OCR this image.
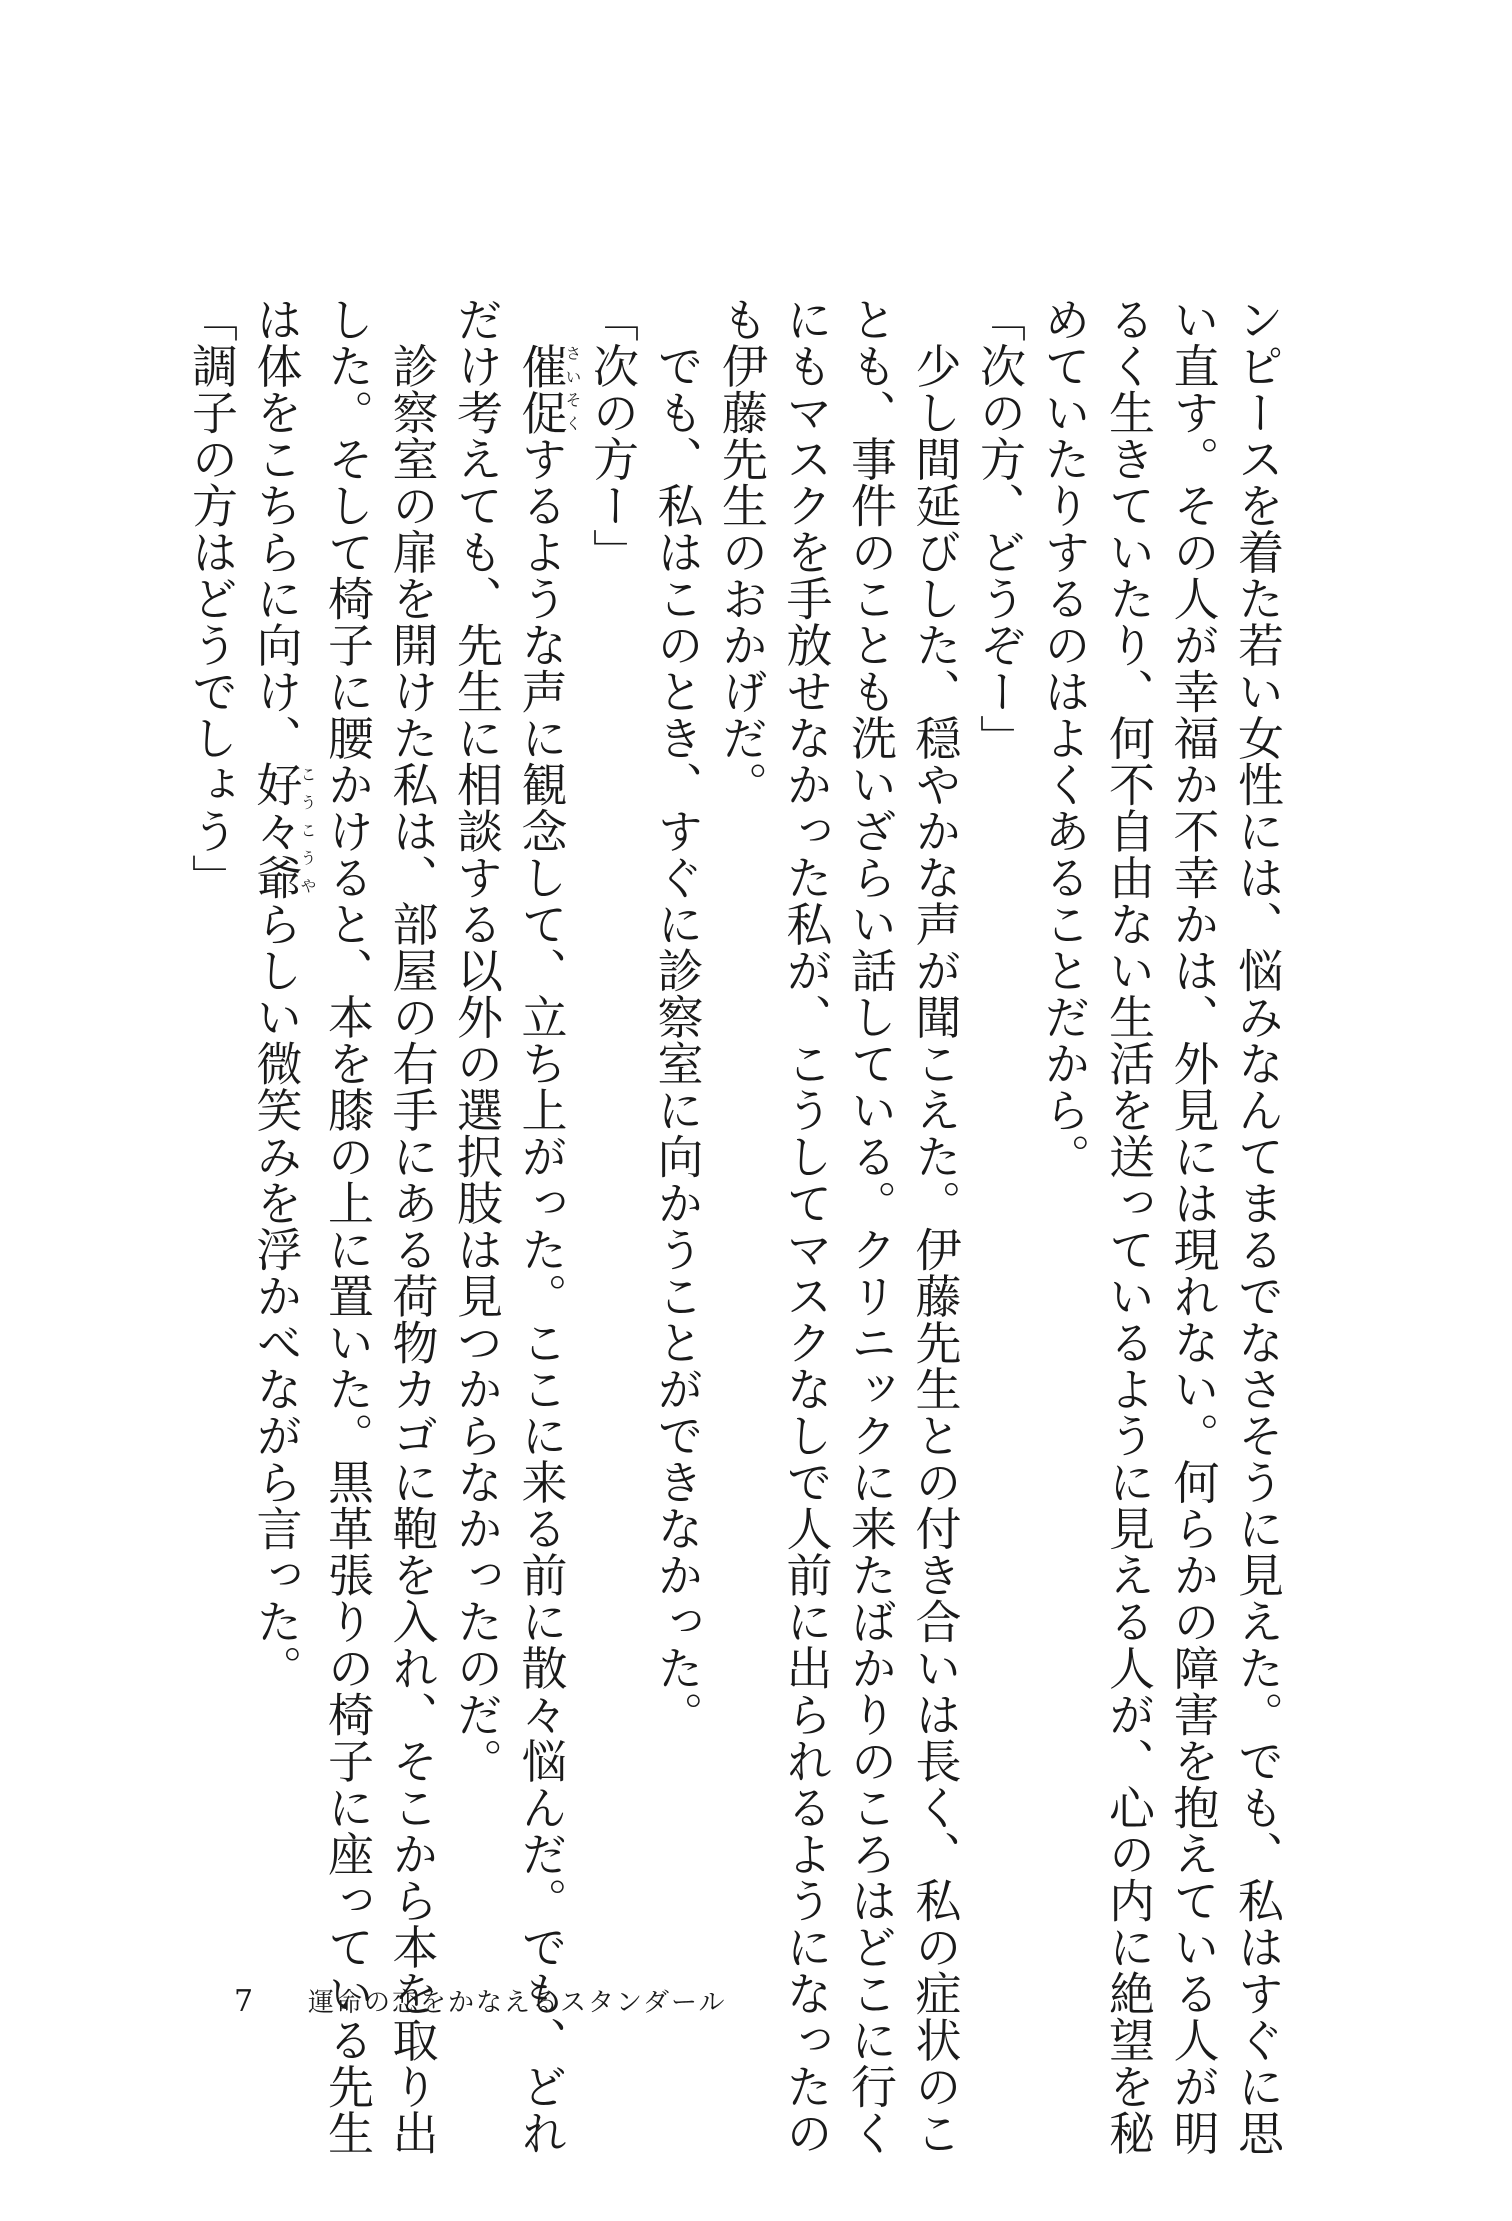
ンピースを着た若い女性には、悩みなんてまるでなさそうに見えた。でも、私はすぐに思

い直す。その人が幸福か不幸かは、外見には現れない。何らかの障害を抱えている人が明

るく生きていたり、何不自由ない生活を送っているように見える人が、心の内に絶望を秘

めていたりするのはよくあることだから。

「次の方、どうぞー」

　少し間延びした、穏やかな声が聞こえた。伊藤先生との付き合いは長く、私の症状のこ

とも、事件のことも洗いざらい話している。クリニックに来たばかりのころはどこに行く

にもマスクを手放せなかった私が、こうしてマスクなしで人前に出られるようになったの

も伊藤先生のおかげだ。

　でも、私はこのとき、すぐに診察室に向かうことができなかった。

「次の方ー」

　催促さいそくするような声に観念して、立ち上がった。ここに来る前に散々悩んだ。でも、どれ

だけ考えても、先生に相談する以外の選択肢は見つからなかったのだ。

　診察室の扉を開けた私は、部屋の右手にある荷物カゴに鞄を入れ、そこから本を取り出

した。そして椅子に腰かけると、本を膝の上に置いた。黒革張りの椅子に座っている先生

は体をこちらに向け、好々爺こうこうやらしい微笑みを浮かべながら言った。

「調子の方はどうでしょう」

7	運命の恋をかなえるスタンダール
